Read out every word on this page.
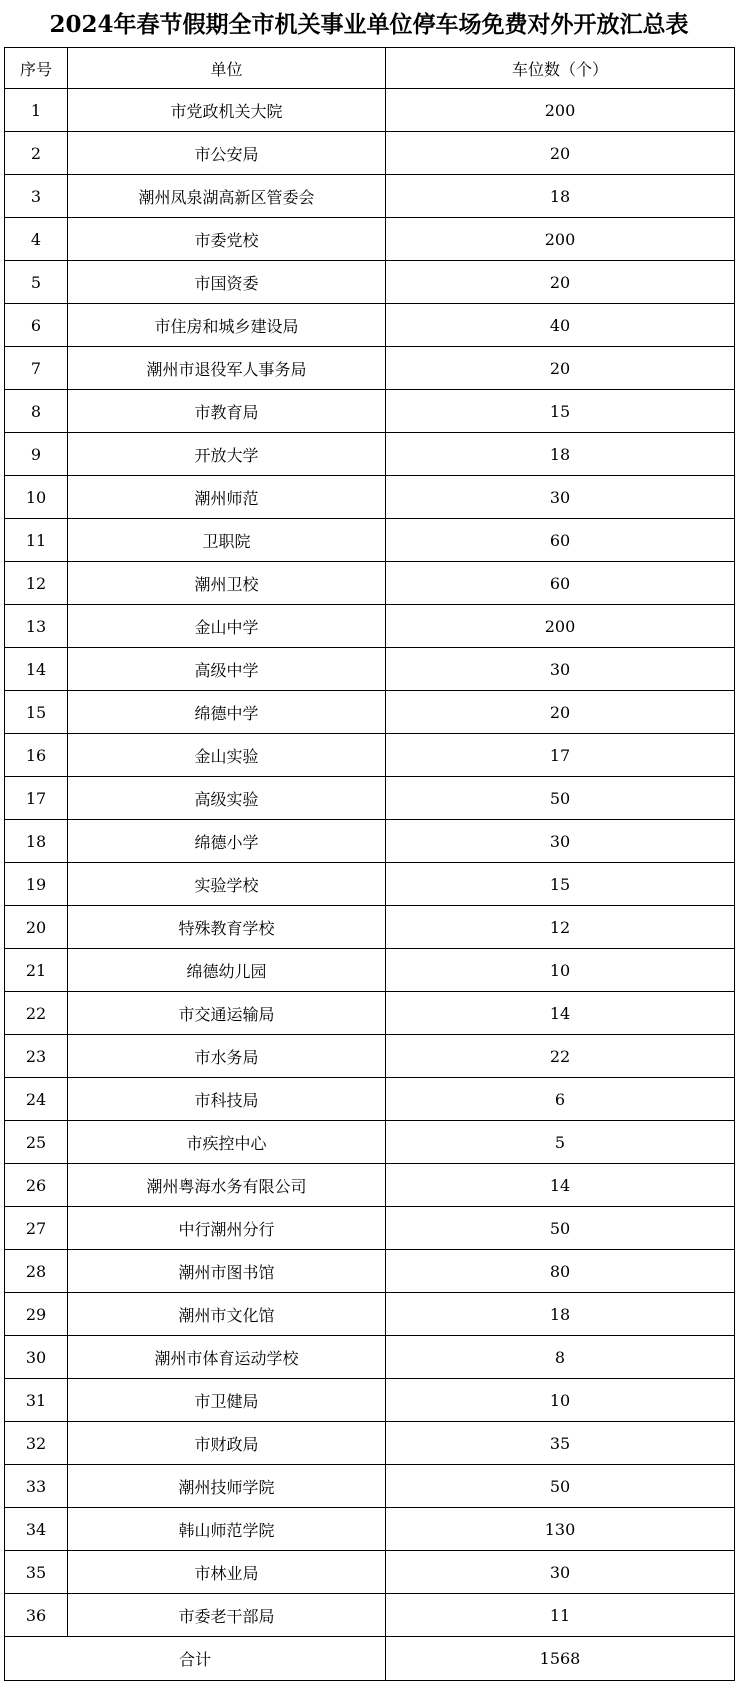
2024年春节假期全市机关事业单位停车场免费对外开放汇总表
序号	单位	车位数（个）
1	市党政机关大院	200
2	市公安局	20
3	潮州凤泉湖高新区管委会	18
4	市委党校	200
5	市国资委	20
6	市住房和城乡建设局	40
7	潮州市退役军人事务局	20
8	市教育局	15
9	开放大学	18
10	潮州师范	30
11	卫职院	60
12	潮州卫校	60
13	金山中学	200
14	高级中学	30
15	绵德中学	20
16	金山实验	17
17	高级实验	50
18	绵德小学	30
19	实验学校	15
20	特殊教育学校	12
21	绵德幼儿园	10
22	市交通运输局	14
23	市水务局	22
24	市科技局	6
25	市疾控中心	5
26	潮州粤海水务有限公司	14
27	中行潮州分行	50
28	潮州市图书馆	80
29	潮州市文化馆	18
30	潮州市体育运动学校	8
31	市卫健局	10
32	市财政局	35
33	潮州技师学院	50
34	韩山师范学院	130
35	市林业局	30
36	市委老干部局	11
合计		1568
